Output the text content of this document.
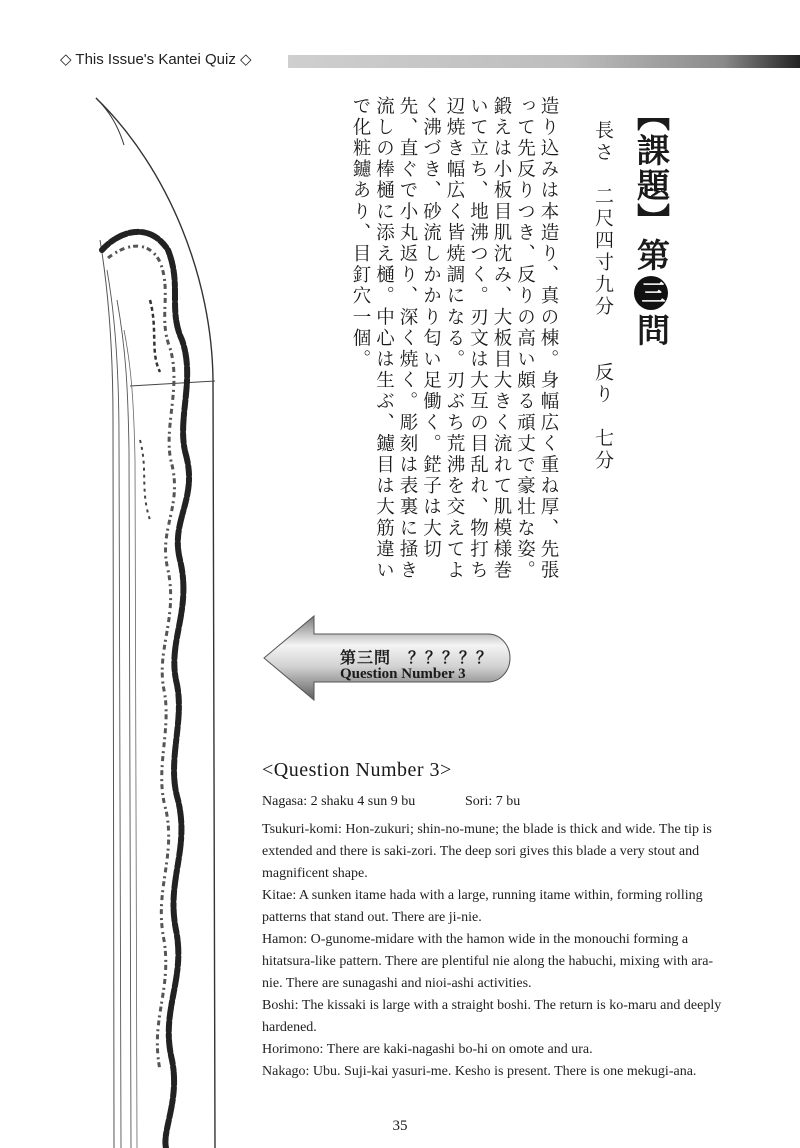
◇ This Issue's Kantei Quiz ◇
【課題】第三問
長さ　二尺四寸九分　　反り　七分
造り込みは本造り、真の棟。身幅広く重ね厚、先張って先反りつき、反りの高い頗る頑丈で豪壮な姿。鍛えは小板目肌沈み、大板目大きく流れて肌模様巻いて立ち、地沸つく。刃文は大互の目乱れ、物打ち辺焼き幅広く皆焼調になる。刃ぶち荒沸を交えてよく沸づき、砂流しかかり匂い足働く。鋩子は大切先、直ぐで小丸返り、深く焼く。彫刻は表裏に掻き流しの棒樋に添え樋。中心は生ぶ、鑢目は大筋違いで化粧鑢あり、目釘穴一個。
第三問　？？？？？
Question Number 3
<Question Number 3>
Nagasa: 2 shaku 4 sun 9 bu	Sori: 7 bu

Tsukuri-komi: Hon-zukuri; shin-no-mune; the blade is thick and wide. The tip is extended and there is saki-zori. The deep sori gives this blade a very stout and magnificent shape.

Kitae: A sunken itame hada with a large, running itame within, forming rolling patterns that stand out. There are ji-nie.

Hamon: O-gunome-midare with the hamon wide in the monouchi forming a hitatsura-like pattern. There are plentiful nie along the habuchi, mixing with ara-nie. There are sunagashi and nioi-ashi activities.

Boshi: The kissaki is large with a straight boshi. The return is ko-maru and deeply hardened.

Horimono: There are kaki-nagashi bo-hi on omote and ura.

Nakago: Ubu. Suji-kai yasuri-me. Kesho is present. There is one mekugi-ana.

35
